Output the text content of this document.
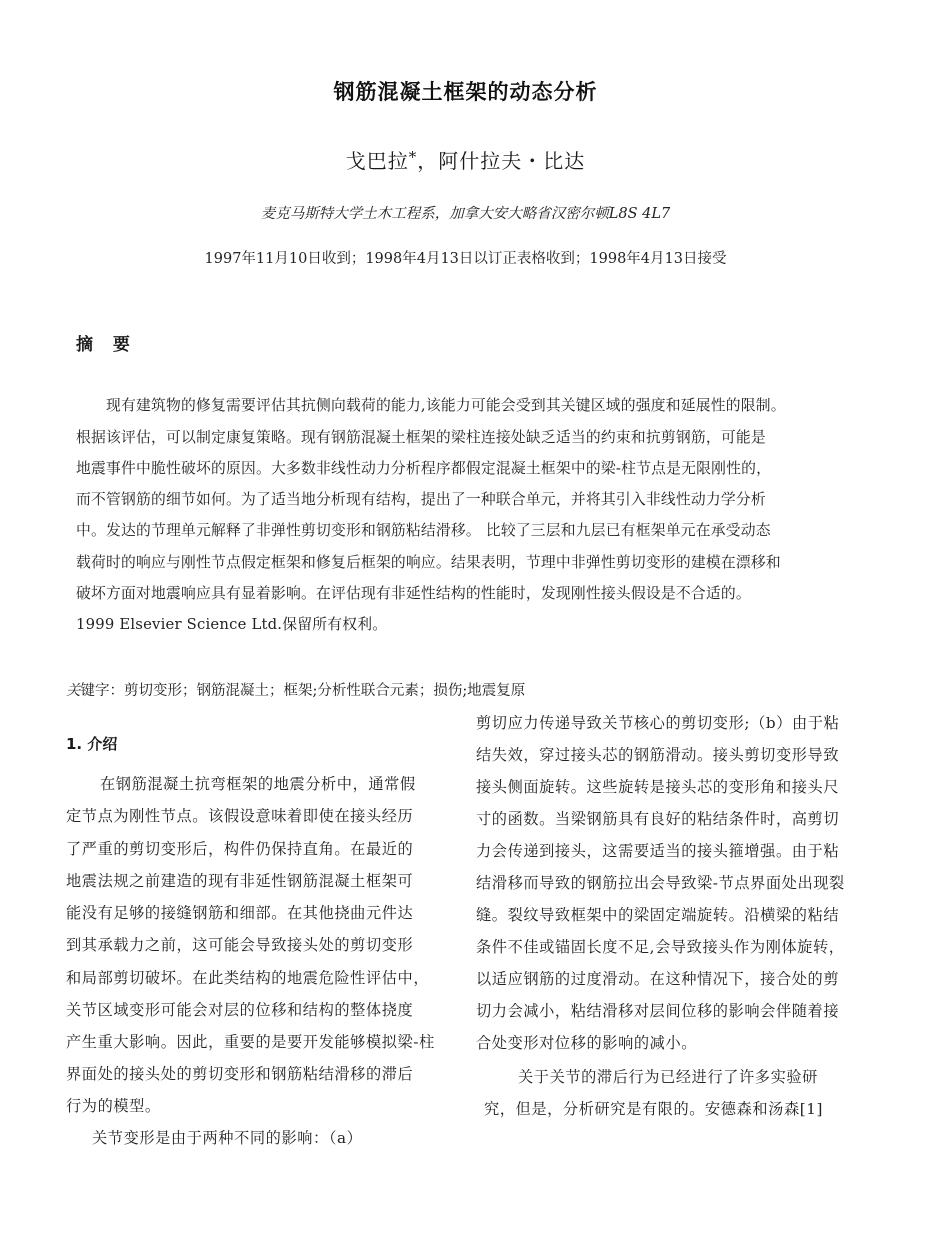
钢筋混凝土框架的动态分析
戈巴拉*，阿什拉夫・比达
麦克马斯特大学土木工程系，加拿大安大略省汉密尔顿L8S 4L7
1997年11月10日收到；1998年4月13日以订正表格收到；1998年4月13日接受
摘 要
现有建筑物的修复需要评估其抗侧向载荷的能力,该能力可能会受到其关键区域的强度和延展性的限制。
根据该评估，可以制定康复策略。现有钢筋混凝土框架的梁柱连接处缺乏适当的约束和抗剪钢筋，可能是
地震事件中脆性破坏的原因。大多数非线性动力分析程序都假定混凝土框架中的梁-柱节点是无限刚性的，
而不管钢筋的细节如何。为了适当地分析现有结构，提出了一种联合单元，并将其引入非线性动力学分析
中。发达的节理单元解释了非弹性剪切变形和钢筋粘结滑移。 比较了三层和九层已有框架单元在承受动态
载荷时的响应与刚性节点假定框架和修复后框架的响应。结果表明，节理中非弹性剪切变形的建模在漂移和
破坏方面对地震响应具有显着影响。在评估现有非延性结构的性能时，发现刚性接头假设是不合适的。
1999 Elsevier Science Ltd.保留所有权利。
关键字：剪切变形；钢筋混凝土；框架;分析性联合元素；损伤;地震复原
1. 介绍
在钢筋混凝土抗弯框架的地震分析中，通常假
定节点为刚性节点。该假设意味着即使在接头经历
了严重的剪切变形后，构件仍保持直角。在最近的
地震法规之前建造的现有非延性钢筋混凝土框架可
能没有足够的接缝钢筋和细部。在其他挠曲元件达
到其承载力之前，这可能会导致接头处的剪切变形
和局部剪切破坏。在此类结构的地震危险性评估中，
关节区域变形可能会对层的位移和结构的整体挠度
产生重大影响。因此，重要的是要开发能够模拟梁-柱
界面处的接头处的剪切变形和钢筋粘结滑移的滞后
行为的模型。
关节变形是由于两种不同的影响：（a）
剪切应力传递导致关节核心的剪切变形;（b）由于粘
结失效，穿过接头芯的钢筋滑动。接头剪切变形导致
接头侧面旋转。这些旋转是接头芯的变形角和接头尺
寸的函数。当梁钢筋具有良好的粘结条件时，高剪切
力会传递到接头，这需要适当的接头箍增强。由于粘
结滑移而导致的钢筋拉出会导致梁-节点界面处出现裂
缝。裂纹导致框架中的梁固定端旋转。沿横梁的粘结
条件不佳或锚固长度不足,会导致接头作为刚体旋转，
以适应钢筋的过度滑动。在这种情况下，接合处的剪
切力会减小，粘结滑移对层间位移的影响会伴随着接
合处变形对位移的影响的减小。
关于关节的滞后行为已经进行了许多实验研
究，但是，分析研究是有限的。安德森和汤森[1]
